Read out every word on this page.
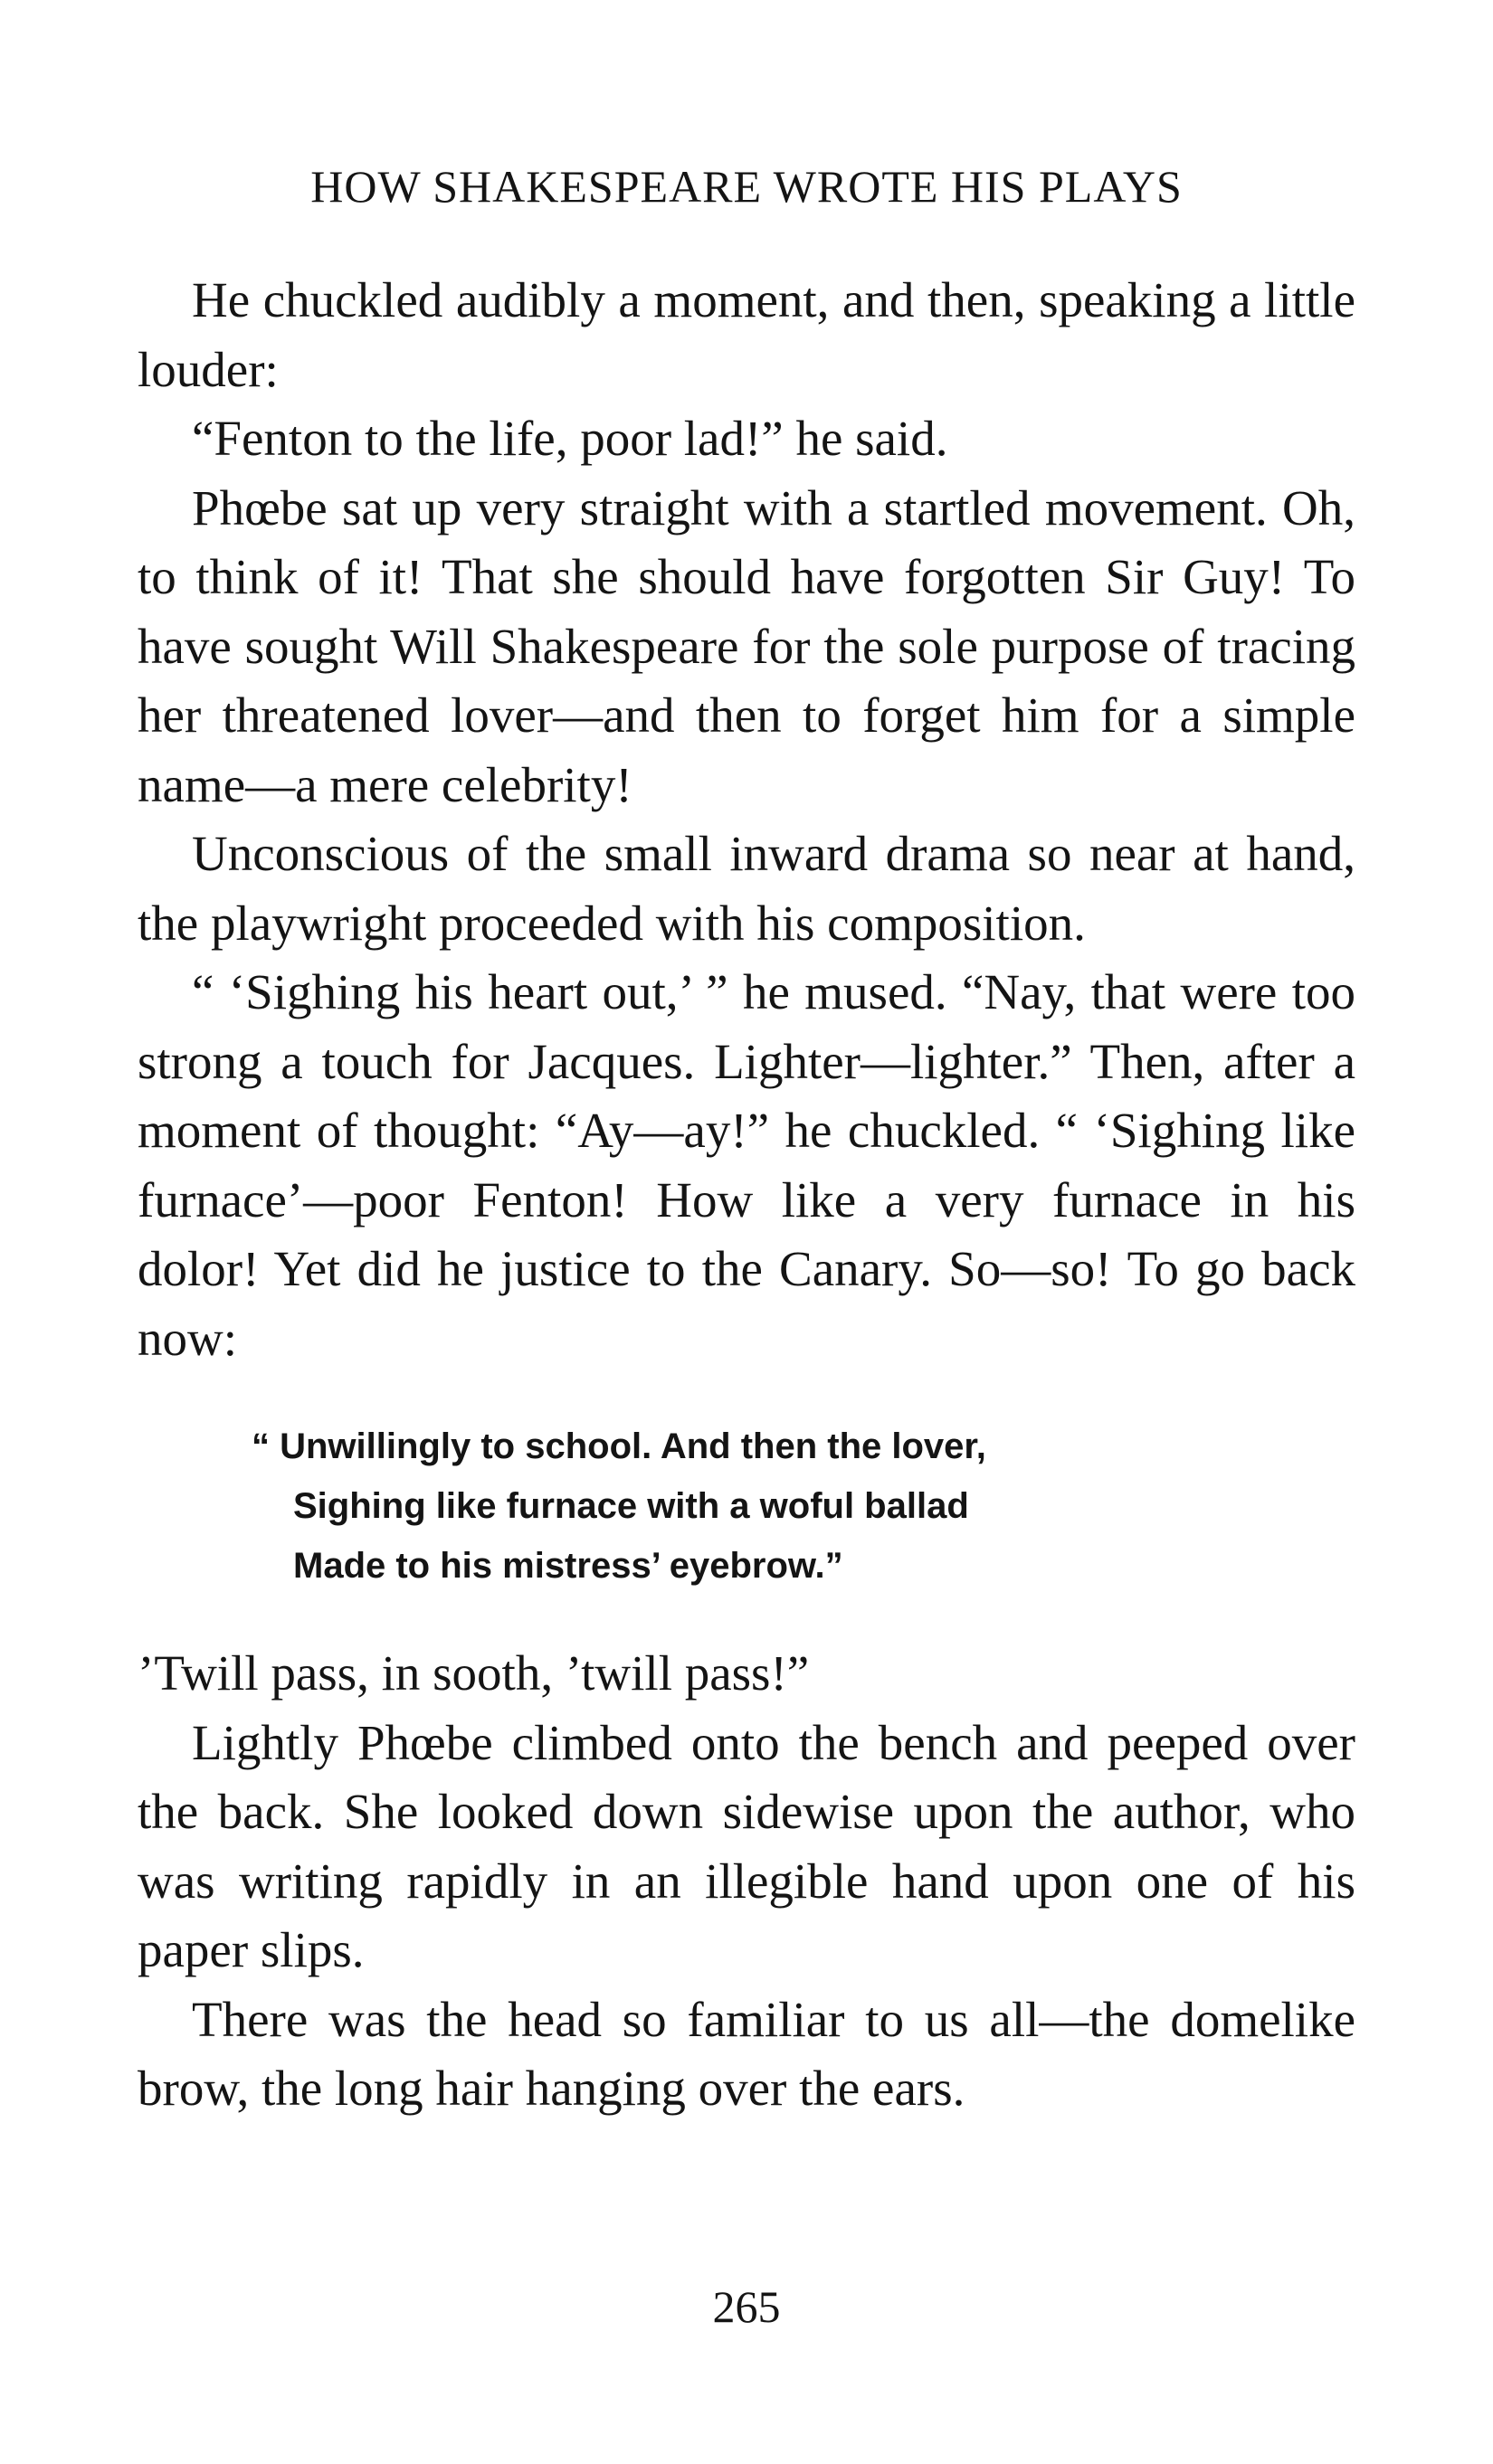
HOW SHAKESPEARE WROTE HIS PLAYS

He chuckled audibly a moment, and then, speaking a little louder:

“Fenton to the life, poor lad!” he said.

Phœbe sat up very straight with a startled movement. Oh, to think of it! That she should have forgotten Sir Guy! To have sought Will Shakespeare for the sole purpose of tracing her threatened lover—and then to forget him for a simple name—a mere celebrity!

Unconscious of the small inward drama so near at hand, the playwright proceeded with his composition.

“ ‘Sighing his heart out,’ ” he mused. “Nay, that were too strong a touch for Jacques. Lighter—lighter.” Then, after a moment of thought: “Ay—ay!” he chuckled. “ ‘Sighing like furnace’—poor Fenton! How like a very furnace in his dolor! Yet did he justice to the Canary. So—so! To go back now:

“ Unwillingly to school. And then the lover,
Sighing like furnace with a woful ballad
Made to his mistress’ eyebrow.”

’Twill pass, in sooth, ’twill pass!”

Lightly Phœbe climbed onto the bench and peeped over the back. She looked down sidewise upon the author, who was writing rapidly in an illegible hand upon one of his paper slips.

There was the head so familiar to us all—the domelike brow, the long hair hanging over the ears.

265
